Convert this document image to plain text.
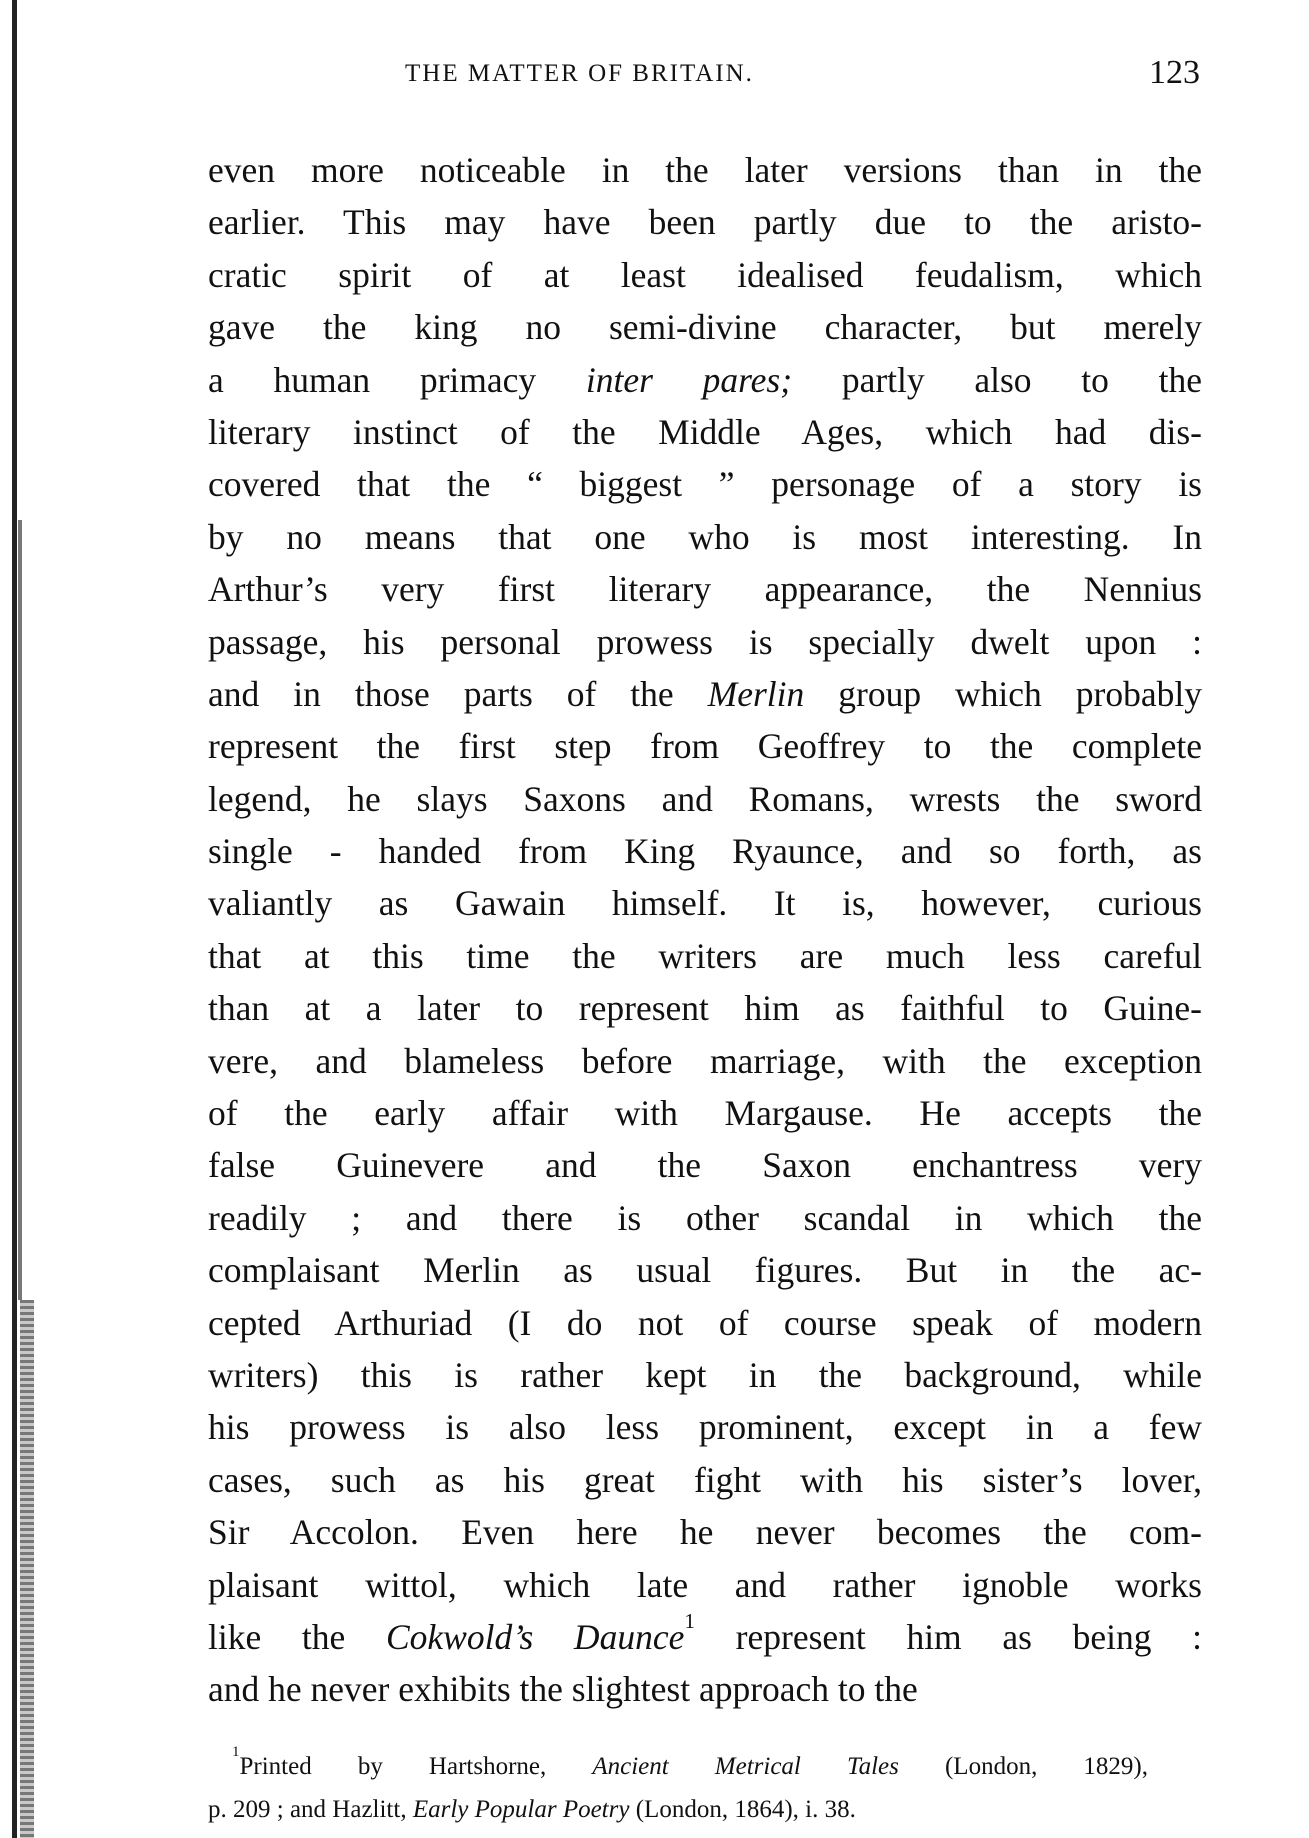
THE MATTER OF BRITAIN.	123
even more noticeable in the later versions than in the
earlier. This may have been partly due to the aristo-
cratic spirit of at least idealised feudalism, which
gave the king no semi-divine character, but merely
a human primacy inter pares; partly also to the
literary instinct of the Middle Ages, which had dis-
covered that the “ biggest ” personage of a story is
by no means that one who is most interesting. In
Arthur’s very first literary appearance, the Nennius
passage, his personal prowess is specially dwelt upon :
and in those parts of the Merlin group which probably
represent the first step from Geoffrey to the complete
legend, he slays Saxons and Romans, wrests the sword
single - handed from King Ryaunce, and so forth, as
valiantly as Gawain himself. It is, however, curious
that at this time the writers are much less careful
than at a later to represent him as faithful to Guine-
vere, and blameless before marriage, with the exception
of the early affair with Margause. He accepts the
false Guinevere and the Saxon enchantress very
readily ; and there is other scandal in which the
complaisant Merlin as usual figures. But in the ac-
cepted Arthuriad (I do not of course speak of modern
writers) this is rather kept in the background, while
his prowess is also less prominent, except in a few
cases, such as his great fight with his sister’s lover,
Sir Accolon. Even here he never becomes the com-
plaisant wittol, which late and rather ignoble works
like the Cokwold’s Daunce$^1$ represent him as being :
and he never exhibits the slightest approach to the
$^1$Printed by Hartshorne, Ancient Metrical Tales (London, 1829),
p. 209 ; and Hazlitt, Early Popular Poetry (London, 1864), i. 38.
